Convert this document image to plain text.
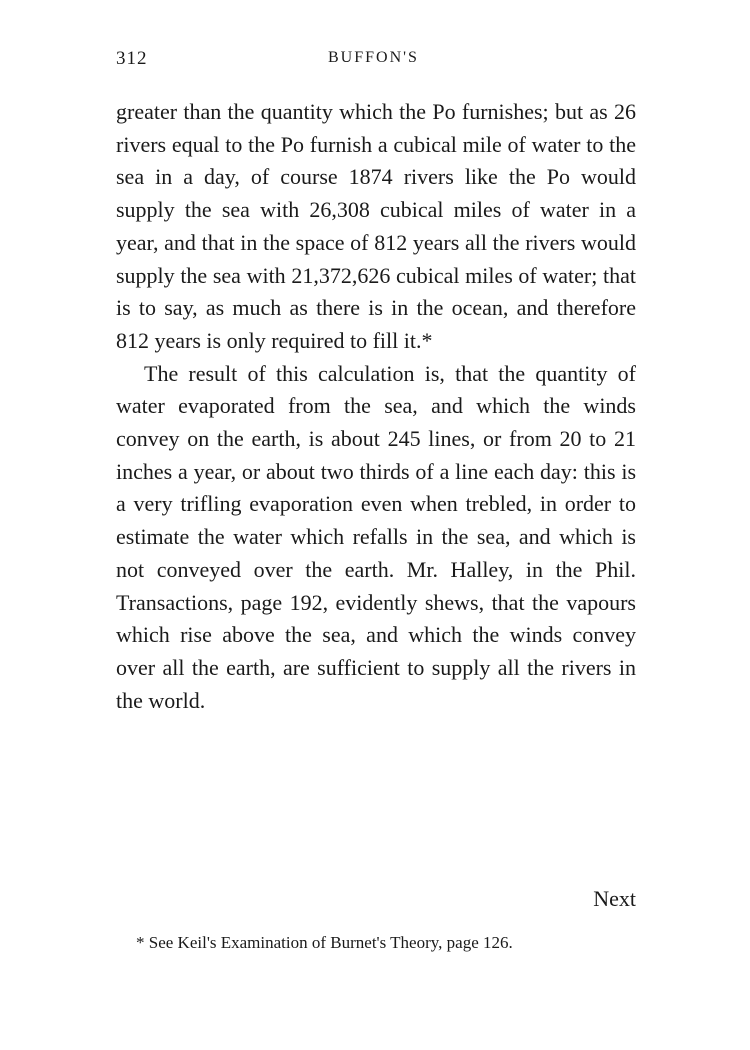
312	BUFFON'S

greater than the quantity which the Po furnishes; but as 26 rivers equal to the Po furnish a cubical mile of water to the sea in a day, of course 1874 rivers like the Po would supply the sea with 26,308 cubical miles of water in a year, and that in the space of 812 years all the rivers would supply the sea with 21,372,626 cubical miles of water; that is to say, as much as there is in the ocean, and therefore 812 years is only required to fill it.*

The result of this calculation is, that the quantity of water evaporated from the sea, and which the winds convey on the earth, is about 245 lines, or from 20 to 21 inches a year, or about two thirds of a line each day: this is a very trifling evaporation even when trebled, in order to estimate the water which refalls in the sea, and which is not conveyed over the earth. Mr. Halley, in the Phil. Transactions, page 192, evidently shews, that the vapours which rise above the sea, and which the winds convey over all the earth, are sufficient to supply all the rivers in the world.

Next

* See Keil's Examination of Burnet's Theory, page 126.
